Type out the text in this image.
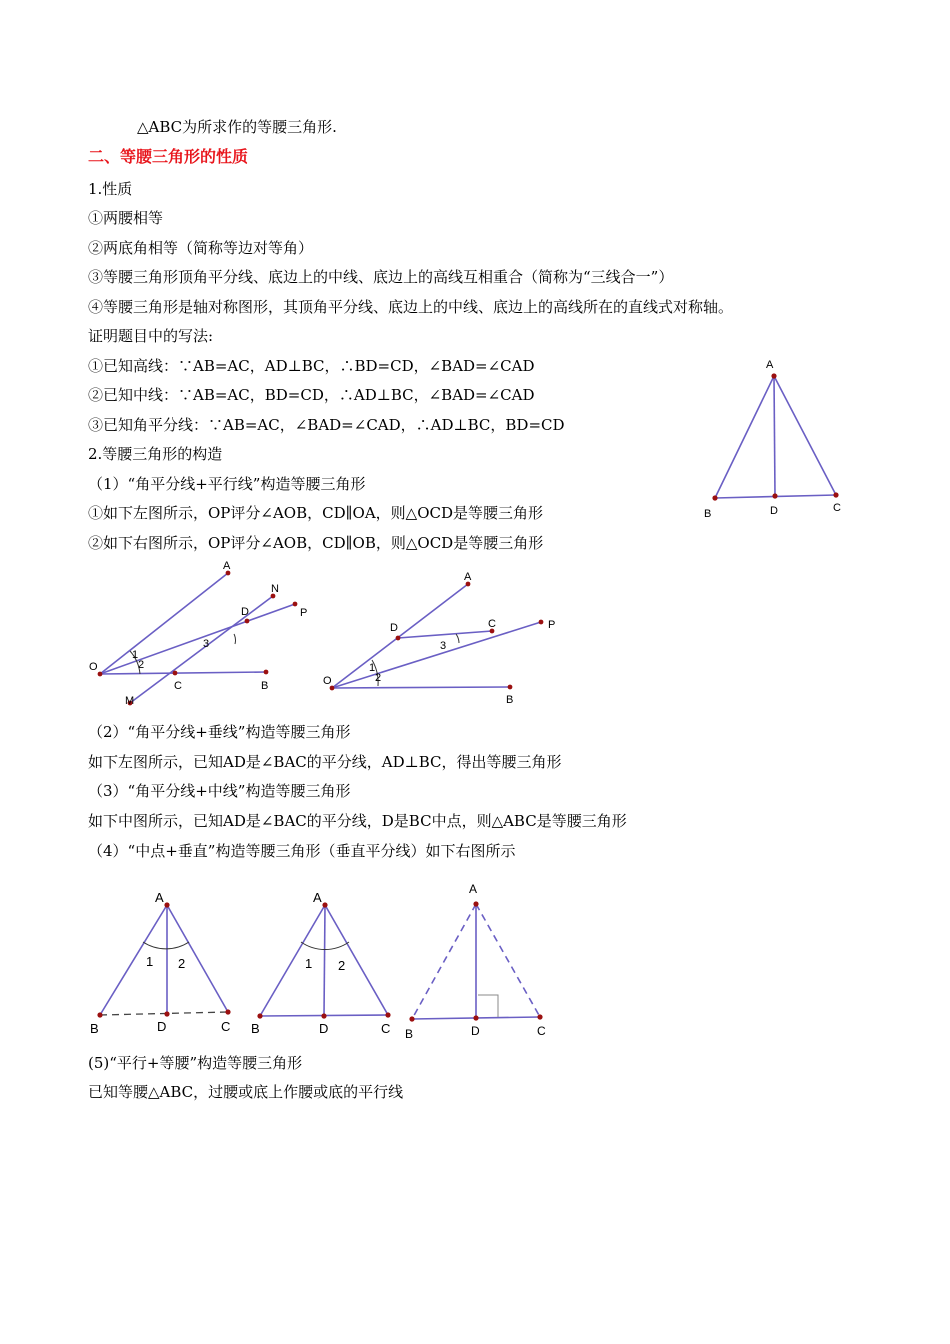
△ABC为所求作的等腰三角形.
二、等腰三角形的性质
1.性质
①两腰相等
②两底角相等（简称等边对等角）
③等腰三角形顶角平分线、底边上的中线、底边上的高线互相重合（简称为“三线合一”）
④等腰三角形是轴对称图形，其顶角平分线、底边上的中线、底边上的高线所在的直线式对称轴。
证明题目中的写法:
①已知高线：∵AB=AC，AD⊥BC，∴BD=CD，∠BAD=∠CAD
②已知中线：∵AB=AC，BD=CD，∴AD⊥BC，∠BAD=∠CAD
③已知角平分线：∵AB=AC，∠BAD=∠CAD，∴AD⊥BC，BD=CD
2.等腰三角形的构造
（1）“角平分线+平行线”构造等腰三角形
①如下左图所示，OP评分∠AOB，CD∥OA，则△OCD是等腰三角形
②如下右图所示，OP评分∠AOB，CD∥OB，则△OCD是等腰三角形
（2）“角平分线+垂线”构造等腰三角形
如下左图所示，已知AD是∠BAC的平分线，AD⊥BC，得出等腰三角形
（3）“角平分线+中线”构造等腰三角形
如下中图所示，已知AD是∠BAC的平分线，D是BC中点，则△ABC是等腰三角形
（4）“中点+垂直”构造等腰三角形（垂直平分线）如下右图所示
(5)“平行+等腰”构造等腰三角形
已知等腰△ABC，过腰或底上作腰或底的平行线
A
B	D	C
A
N
D	P
O
1
2
3
C	B
M
A
D	C	P
O
1
2
3
B
A
1 2
B	D	C
A
1 2
B	D	C
A
B	D	C
